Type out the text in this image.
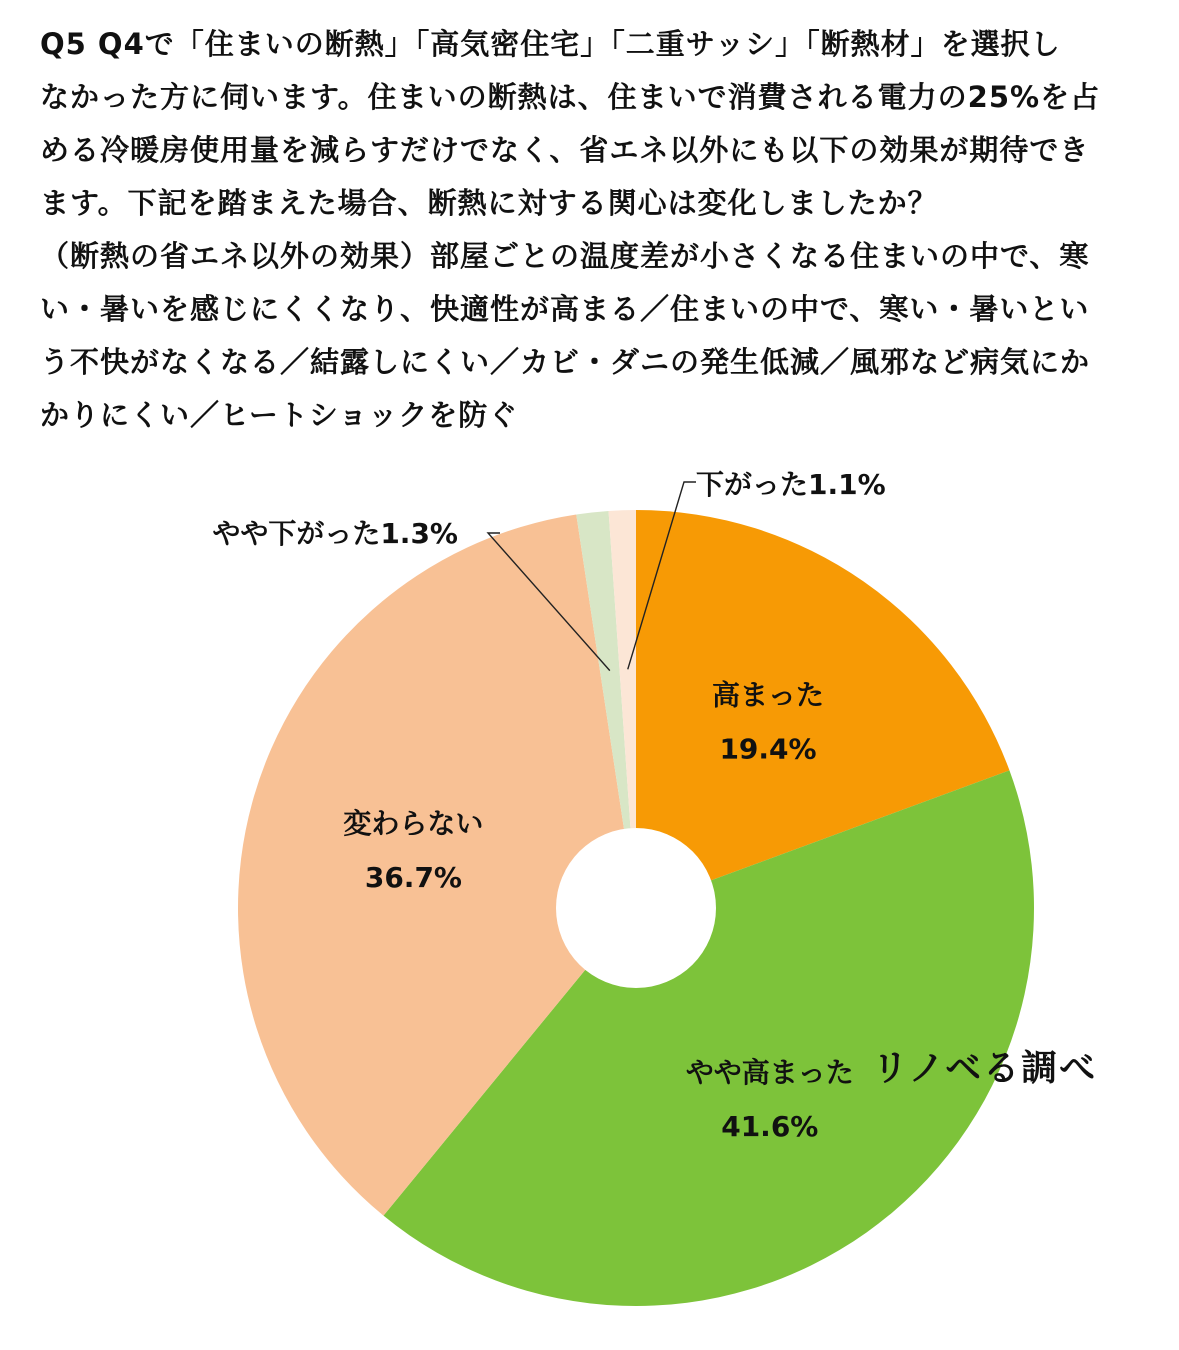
Q5 Q4で「住まいの断熱」「高気密住宅」「二重サッシ」「断熱材」を選択し
なかった方に伺います。住まいの断熱は、住まいで消費される電力の25%を占
める冷暖房使用量を減らすだけでなく、省エネ以外にも以下の効果が期待でき
ます。下記を踏まえた場合、断熱に対する関心は変化しましたか？
（断熱の省エネ以外の効果）部屋ごとの温度差が小さくなる住まいの中で、寒
い・暑いを感じにくくなり、快適性が高まる／住まいの中で、寒い・暑いとい
う不快がなくなる／結露しにくい／カビ・ダニの発生低減／風邪など病気にか
かりにくい／ヒートショックを防ぐ
高まった
19.4%
やや高まった
41.6%
変わらない
36.7%
やや下がった1.3%
下がった1.1%
リノベる調べ
